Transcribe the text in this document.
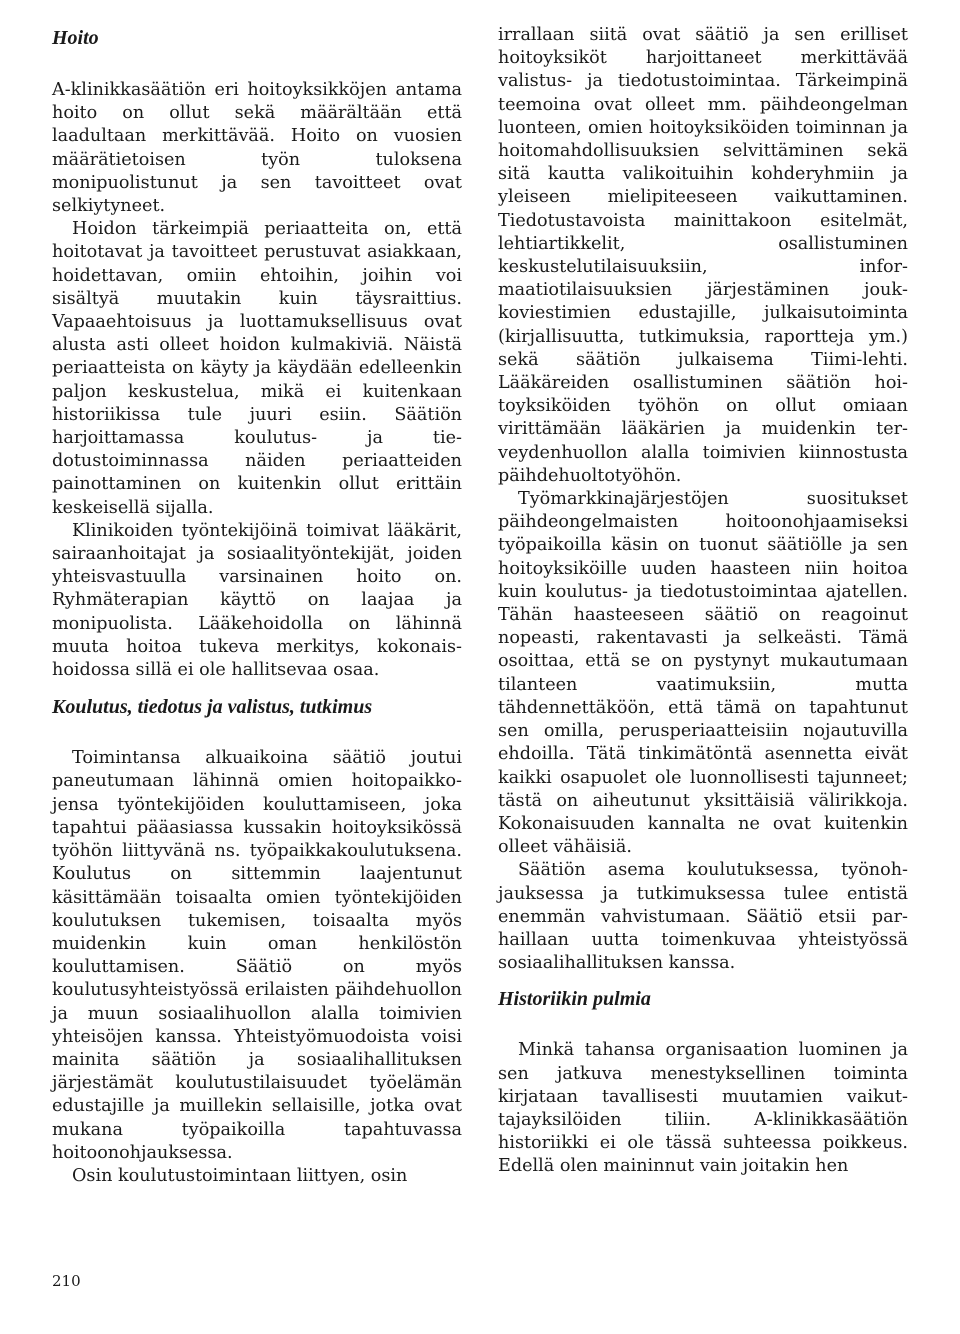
Hoito

A-klinikkasäätiön eri hoitoyksikköjen antama hoito on ollut sekä määrältään että laadultaan merkittävää. Hoito on vuosien määrätietoisen työn tuloksena monipuolistunut ja sen tavoitteet ovat selkiytyneet.

Hoidon tärkeimpiä periaatteita on, että hoitotavat ja tavoitteet perustuvat asiakkaan, hoidettavan, omiin ehtoihin, joihin voi sisältyä muutakin kuin täysraittius. Vapaaehtoisuus ja luottamuksellisuus ovat alusta asti olleet hoidon kulmakiviä. Näistä periaatteista on käyty ja käydään edelleenkin paljon keskustelua, mikä ei kuitenkaan historiikissa tule juuri esiin. Säätiön harjoittamassa koulutus- ja tiedotustoiminnassa näiden periaatteiden painottaminen on kuitenkin ollut erittäin keskeisellä sijalla.

Klinikoiden työntekijöinä toimivat lääkärit, sairaanhoitajat ja sosiaalityöntekijät, joiden yhteisvastuulla varsinainen hoito on. Ryhmäterapian käyttö on laajaa ja monipuolista. Lääkehoidolla on lähinnä muuta hoitoa tukeva merkitys, kokonaishoidossa sillä ei ole hallitsevaa osaa.

Koulutus, tiedotus ja valistus, tutkimus

Toimintansa alkuaikoina säätiö joutui paneutumaan lähinnä omien hoitopaikkojensa työntekijöiden kouluttamiseen, joka tapahtui pääasiassa kussakin hoitoyksikössä työhön liittyvänä ns. työpaikkakoulutuksena. Koulutus on sittemmin laajentunut käsittämään toisaalta omien työntekijöiden koulutuksen tukemisen, toisaalta myös muidenkin kuin oman henkilöstön kouluttamisen. Säätiö on myös koulutusyhteistyössä erilaisten päihdehuollon ja muun sosiaalihuollon alalla toimivien yhteisöjen kanssa. Yhteistyömuodoista voisi mainita säätiön ja sosiaalihallituksen järjestämät koulutustilaisuudet työelämän edustajille ja muillekin sellaisille, jotka ovat mukana työpaikoilla tapahtuvassa hoitoonohjauksessa.

Osin koulutustoimintaan liittyen, osin

irrallaan siitä ovat säätiö ja sen erilliset hoitoyksiköt harjoittaneet merkittävää valistus- ja tiedotustoimintaa. Tärkeimpinä teemoina ovat olleet mm. päihdeongelman luonteen, omien hoitoyksiköiden toiminnan ja hoitomahdollisuuksien selvittäminen sekä sitä kautta valikoituihin kohderyhmiin ja yleiseen mielipiteeseen vaikuttaminen. Tiedotustavoista mainittakoon esitelmät, lehtiartikkelit, osallistuminen keskustelutilaisuuksiin, informaatiotilaisuuksien järjestäminen joukkoviestimien edustajille, julkaisutoiminta (kirjallisuutta, tutkimuksia, raportteja ym.) sekä säätiön julkaisema Tiimi-lehti. Lääkäreiden osallistuminen säätiön hoitoyksiköiden työhön on ollut omiaan virittämään lääkärien ja muidenkin terveydenhuollon alalla toimivien kiinnostusta päihdehuoltotyöhön.

Työmarkkinajärjestöjen suositukset päihdeongelmaisten hoitoonohjaamiseksi työpaikoilla käsin on tuonut säätiölle ja sen hoitoyksiköille uuden haasteen niin hoitoa kuin koulutus- ja tiedotustoimintaa ajatellen. Tähän haasteeseen säätiö on reagoinut nopeasti, rakentavasti ja selkeästi. Tämä osoittaa, että se on pystynyt mukautumaan tilanteen vaatimuksiin, mutta tähdennettäköön, että tämä on tapahtunut sen omilla, perusperiaatteisiin nojautuvilla ehdoilla. Tätä tinkimätöntä asennetta eivät kaikki osapuolet ole luonnollisesti tajunneet; tästä on aiheutunut yksittäisiä välirikkoja. Kokonaisuuden kannalta ne ovat kuitenkin olleet vähäisiä.

Säätiön asema koulutuksessa, työnohjauksessa ja tutkimuksessa tulee entistä enemmän vahvistumaan. Säätiö etsii parhaillaan uutta toimenkuvaa yhteistyössä sosiaalihallituksen kanssa.

Historiikin pulmia

Minkä tahansa organisaation luominen ja sen jatkuva menestyksellinen toiminta kirjataan tavallisesti muutamien vaikuttajayksilöiden tiliin. A-klinikkasäätiön historiikki ei ole tässä suhteessa poikkeus. Edellä olen maininnut vain joitakin hen

210
